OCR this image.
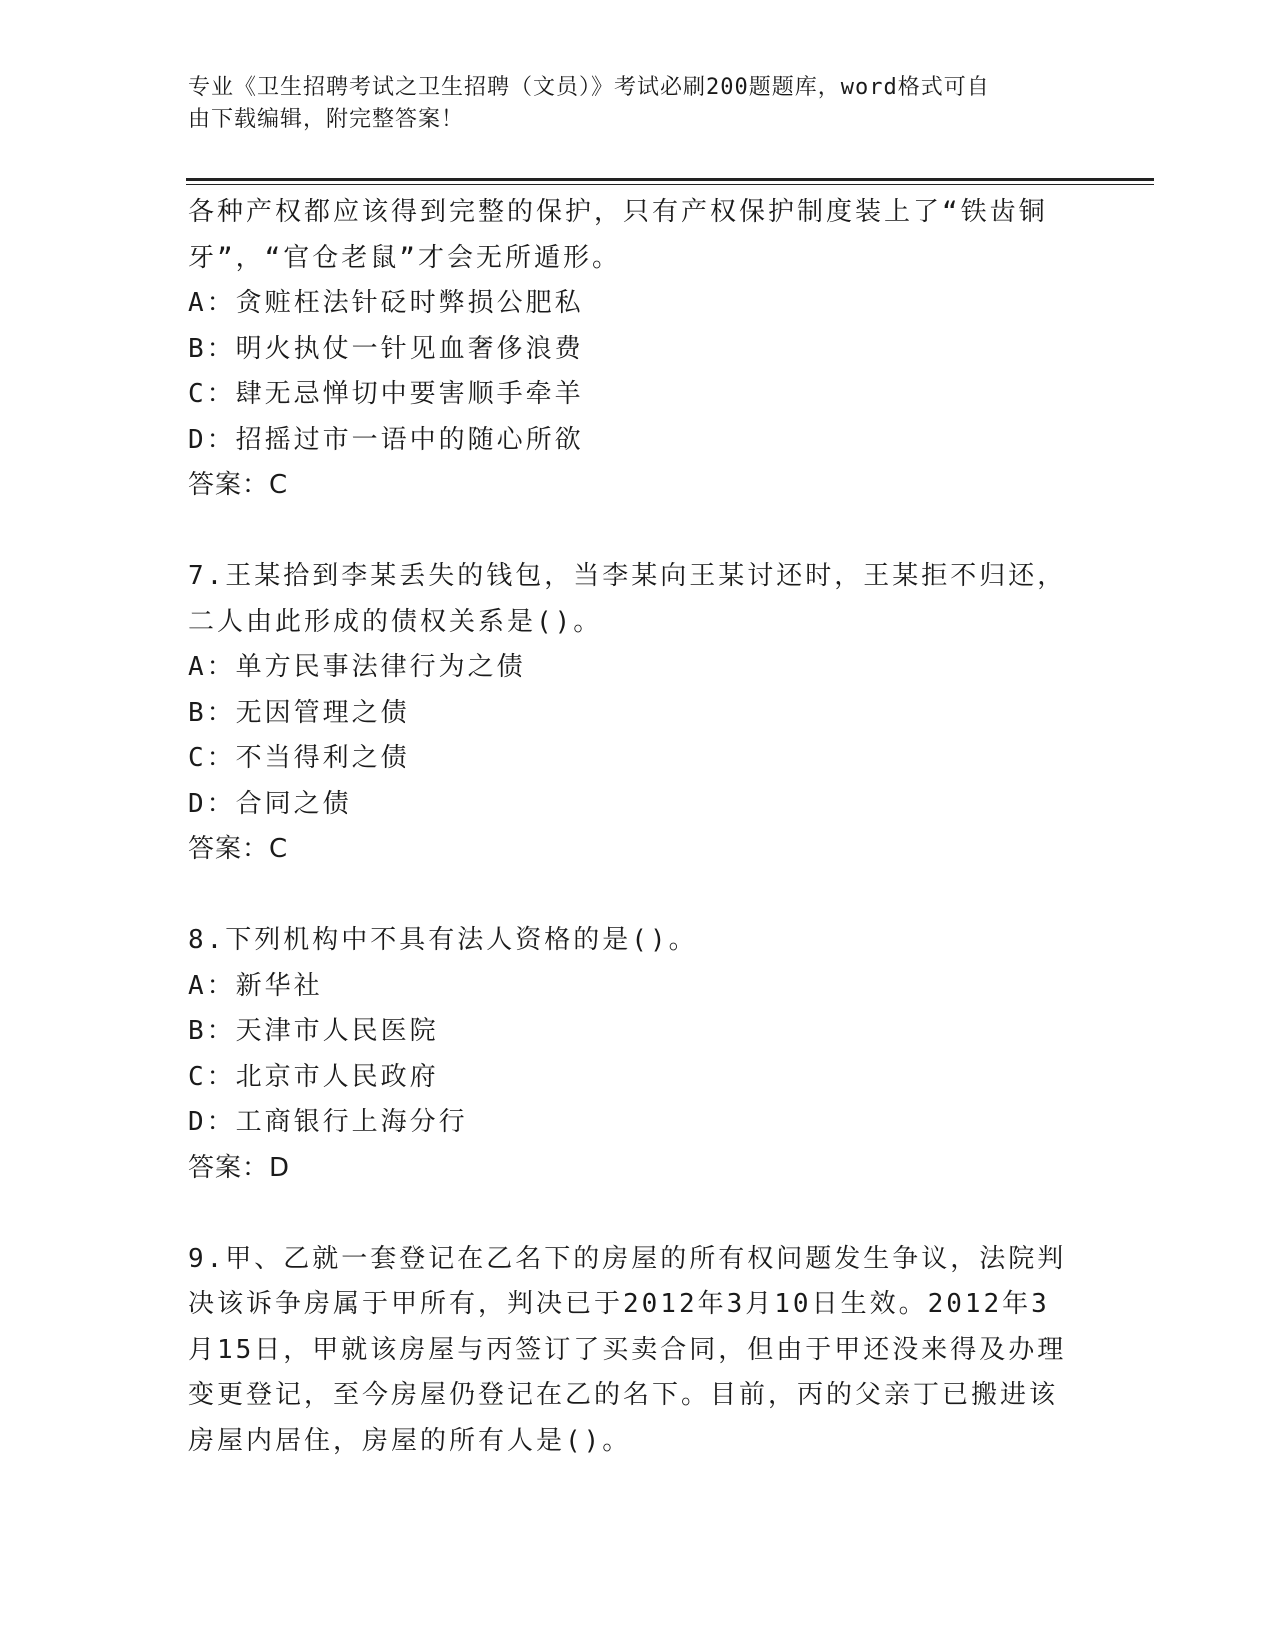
专业《卫生招聘考试之卫生招聘（文员）》考试必刷200题题库，word格式可自
由下载编辑，附完整答案！
各种产权都应该得到完整的保护，只有产权保护制度装上了“铁齿铜
牙”，“官仓老鼠”才会无所遁形。
A：贪赃枉法针砭时弊损公肥私
B：明火执仗一针见血奢侈浪费
C：肆无忌惮切中要害顺手牵羊
D：招摇过市一语中的随心所欲
答案：C
7.王某拾到李某丢失的钱包，当李某向王某讨还时，王某拒不归还，
二人由此形成的债权关系是()。
A：单方民事法律行为之债
B：无因管理之债
C：不当得利之债
D：合同之债
答案：C
8.下列机构中不具有法人资格的是()。
A：新华社
B：天津市人民医院
C：北京市人民政府
D：工商银行上海分行
答案：D
9.甲、乙就一套登记在乙名下的房屋的所有权问题发生争议，法院判
决该诉争房属于甲所有，判决已于2012年3月10日生效。2012年3
月15日，甲就该房屋与丙签订了买卖合同，但由于甲还没来得及办理
变更登记，至今房屋仍登记在乙的名下。目前，丙的父亲丁已搬进该
房屋内居住，房屋的所有人是()。
